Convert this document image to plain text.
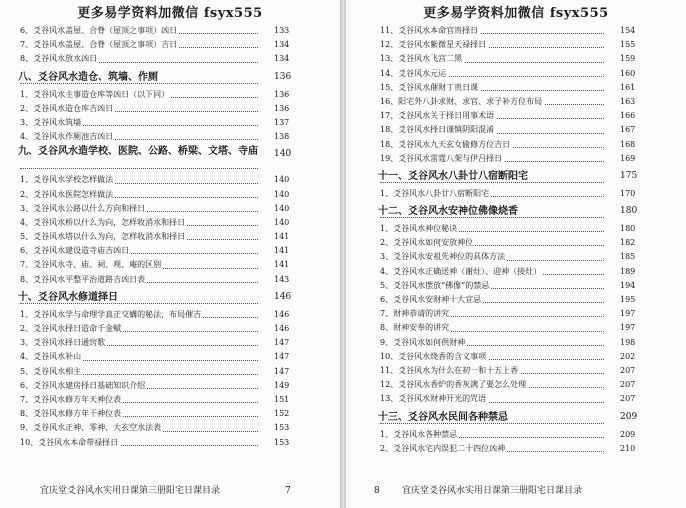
更多易学资料加微信 fsyx555
6、爻谷风水盖屋、合脊（屋顶之事项）凶日	133
7、爻谷风水盖屋、合脊（屋顶之事项）吉日	134
8、爻谷风水放水凶日	134
八、爻谷风水造仓、筑墙、作厕	136
1、爻谷风水主事造仓库等凶日（以下同）	136
2、爻谷风水造仓库吉凶日	136
3、爻谷风水筑墙	137
4、爻谷风水作厕池吉凶日	138
九、爻谷风水造学校、医院、公路、桥梁、文塔、寺庙 140
1、爻谷风水学校怎样做法	140
2、爻谷风水医院怎样做法	140
3、爻谷风水公路以什么方向和择日	140
4、爻谷风水桥以什么为向，怎样收消水和择日	140
5、爻谷风水塔以什么为向，怎样收消水和择日	141
6、爻谷风水建设造寺庙吉凶日	141
7、爻谷风水寺、庙、祠、观、庵的区别	141
8、爻谷风水平整平治道路吉凶日表	143
十、爻谷风水修道择日	146
1、爻谷风水学与命理学真正交媾的秘法，布局催吉	146
2、爻谷风水择日造命千金赋	146
3、爻谷风水择日通窍歌	147
4、爻谷风水补山	147
5、爻谷风水相主	147
6、爻谷风水建房择日基础知识介绍	149
7、爻谷风水修方年天神位表	151
8、爻谷风水修方年干神位表	152
9、爻谷风水正神、零神、大玄空水法表	153
10、爻谷风水本命带禄择日	153
宜庆堂爻谷风水实用日课第三册阳宅日课目录	7
更多易学资料加微信 fsyx555
11、爻谷风水本命官贵择日	154
12、爻谷风水紫微星天禄择日	155
13、爻谷风水飞宫二黑	159
14、爻谷风水元运	160
15、爻谷风水催财丁贵日课	161
16、阳宅外八卦求财、求官、求子补方位布局	163
17、爻谷风水关于择日用事术语	166
18、爻谷风水择日谨慎阴阳混淆	167
18、爻谷风水九天玄女偷修方位吉日	168
19、爻谷风水雷霆八架与伊吕择日	169
十一、爻谷风水八卦廿八宿断阳宅	175
1、爻谷风水八卦廿八宿断阳宅	170
十二、爻谷风水安神位佛像烧香	180
1、爻谷风水神位秘诀	180
2、爻谷风水如何安放神位	182
3、爻谷风水安祖先神位的具体方法	185
4、爻谷风水正确送神（谢灶）、迎神（接灶）	189
5、爻谷风水摆放“佛像”的禁忌	194
6、爻谷风水安财神十大宜忌	195
7、财神恭请的讲究	197
8、财神安奉的讲究	197
9、爻谷风水如何供财神	198
10、爻谷风水烧香的含义事项	202
11、爻谷风水为什么在初一和十五上香	207
12、爻谷风水香炉的香灰满了要怎么处理	207
13、爻谷风水财神开光的咒语	207
十三、爻谷风水民间各种禁忌	209
1、爻谷风水各种禁忌	209
2、爻谷风水宅内误犯二十四位凶神	210
宜庆堂爻谷风水实用日课第三册阳宅日课目录
8
